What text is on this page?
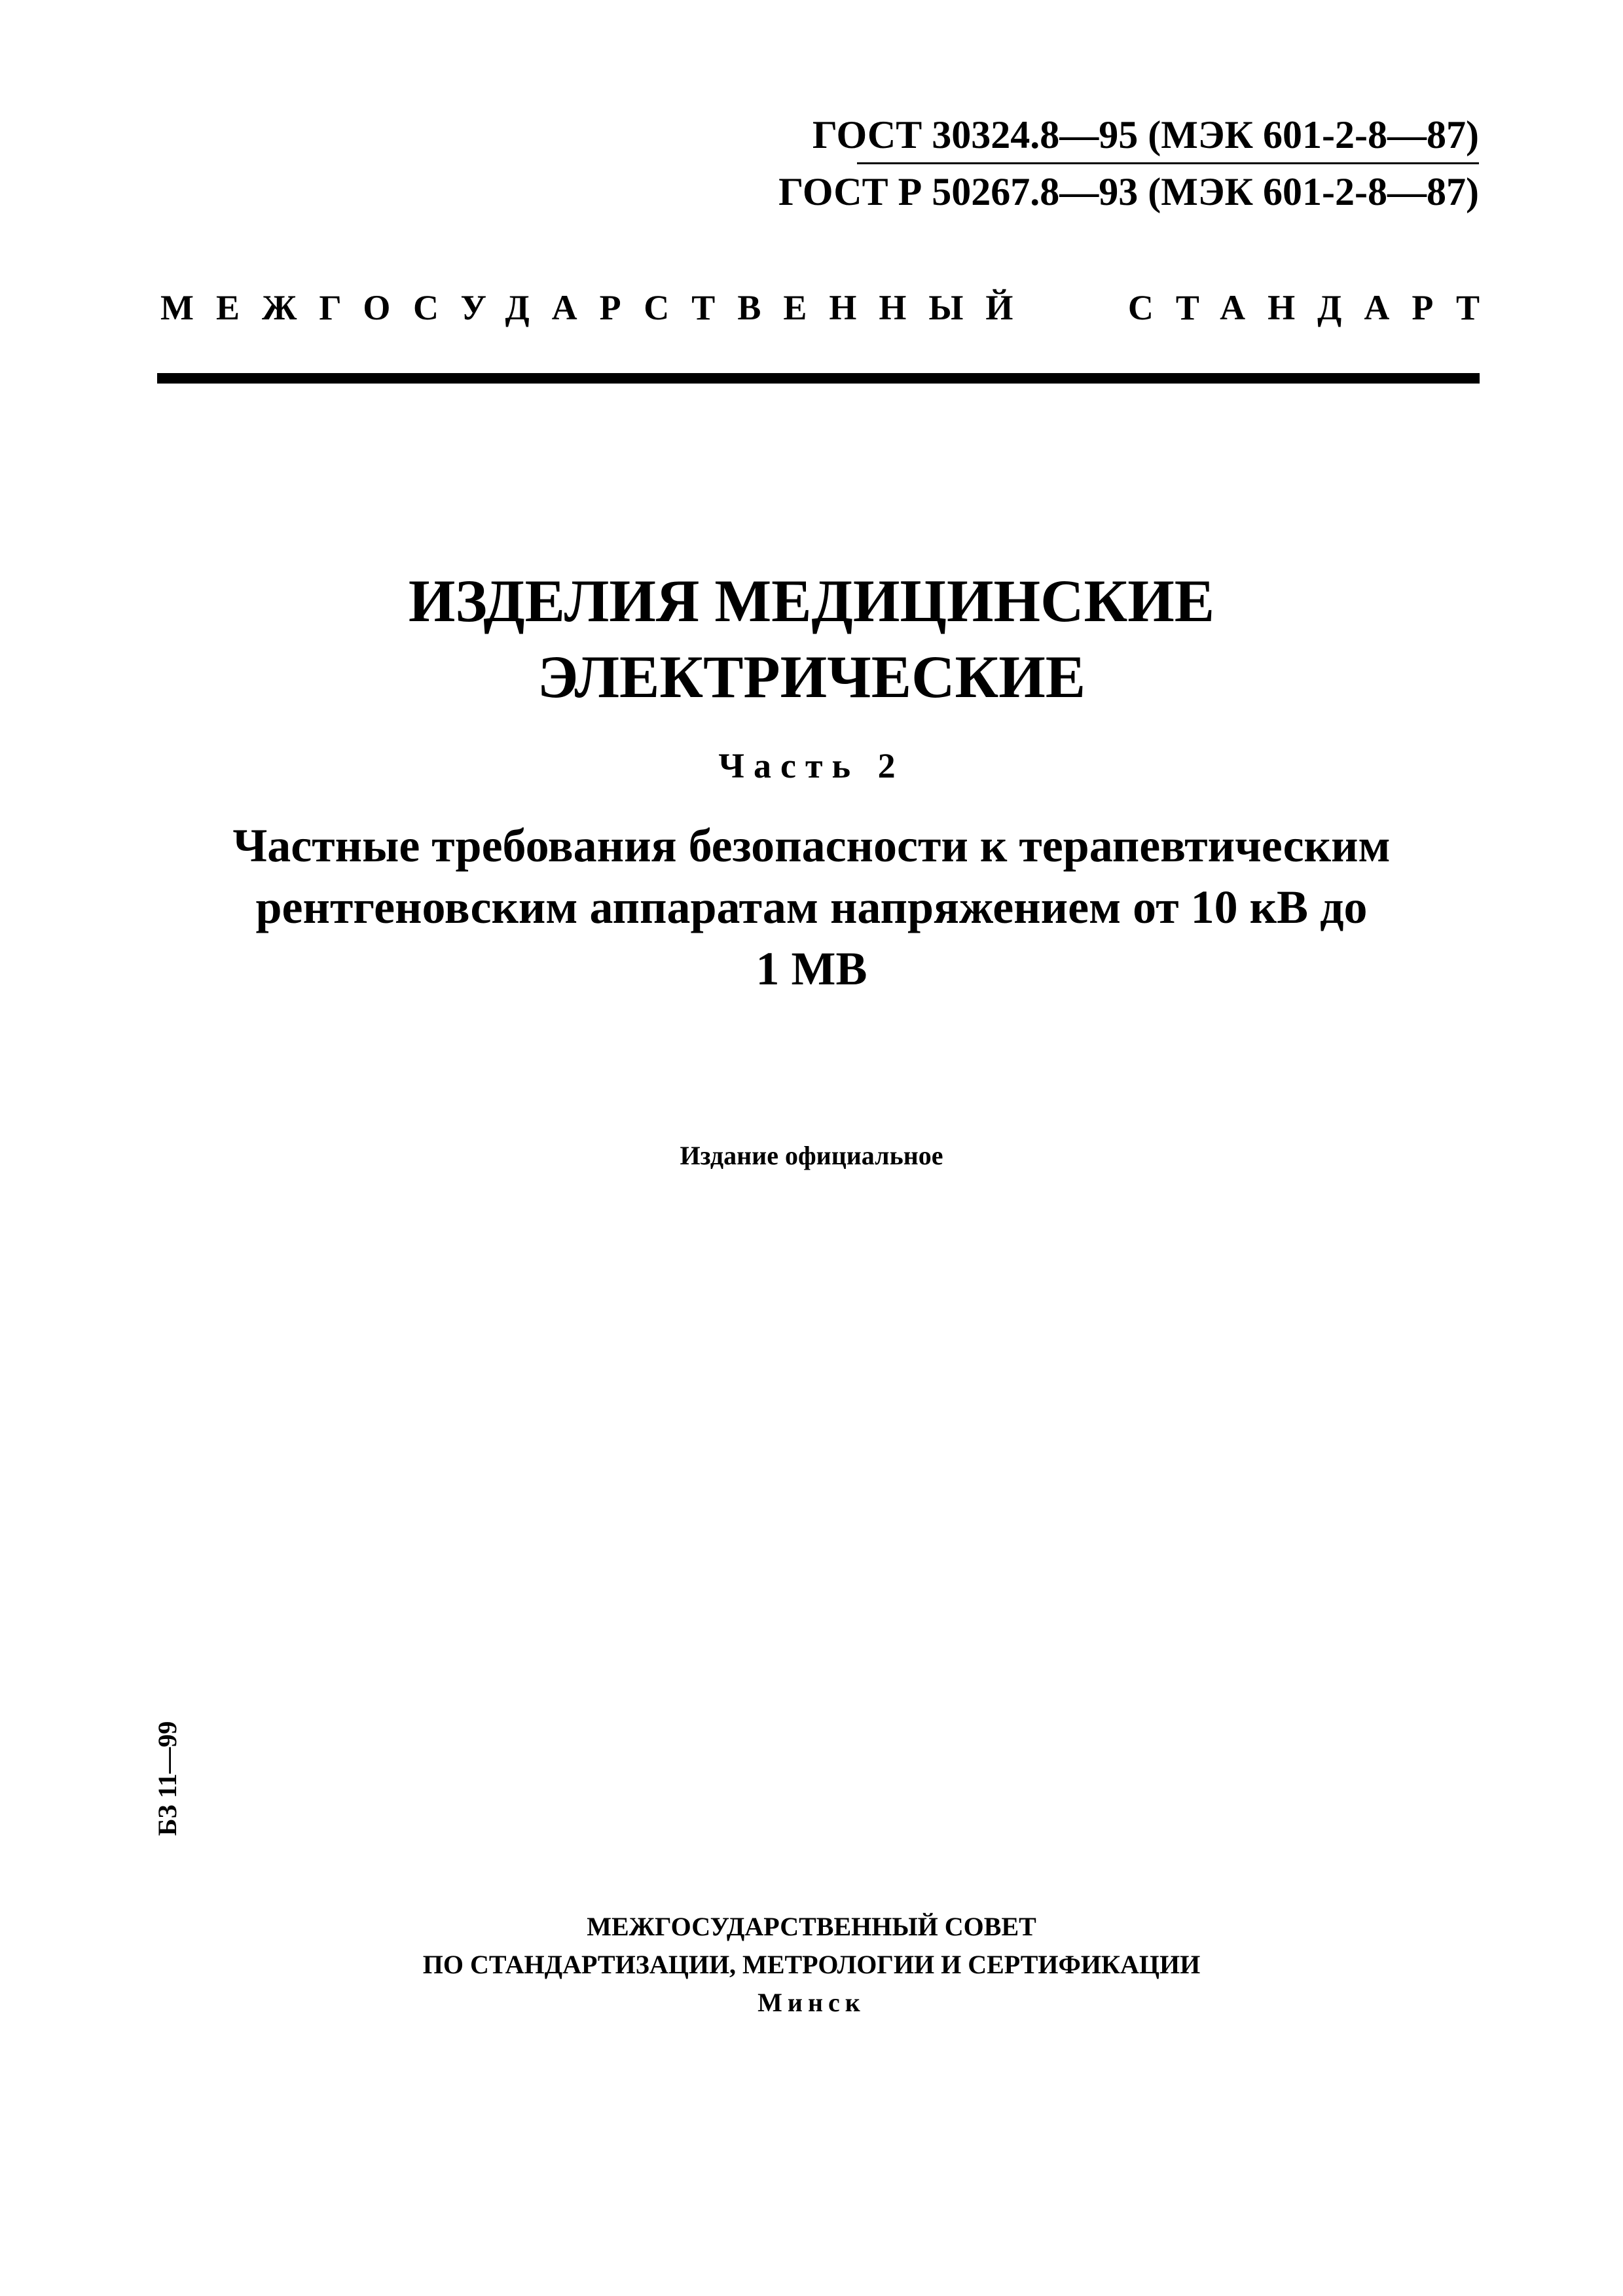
ГОСТ 30324.8—95 (МЭК 601-2-8—87)
ГОСТ Р 50267.8—93 (МЭК 601-2-8—87)
МЕЖГОСУДАРСТВЕННЫЙ	СТАНДАРТ
ИЗДЕЛИЯ МЕДИЦИНСКИЕ
ЭЛЕКТРИЧЕСКИЕ
Часть 2
Частные требования безопасности к терапевтическим
рентгеновским аппаратам напряжением от 10 кВ до
1 МВ
Издание официальное
БЗ 11—99
МЕЖГОСУДАРСТВЕННЫЙ СОВЕТ
ПО СТАНДАРТИЗАЦИИ, МЕТРОЛОГИИ И СЕРТИФИКАЦИИ
Минск
